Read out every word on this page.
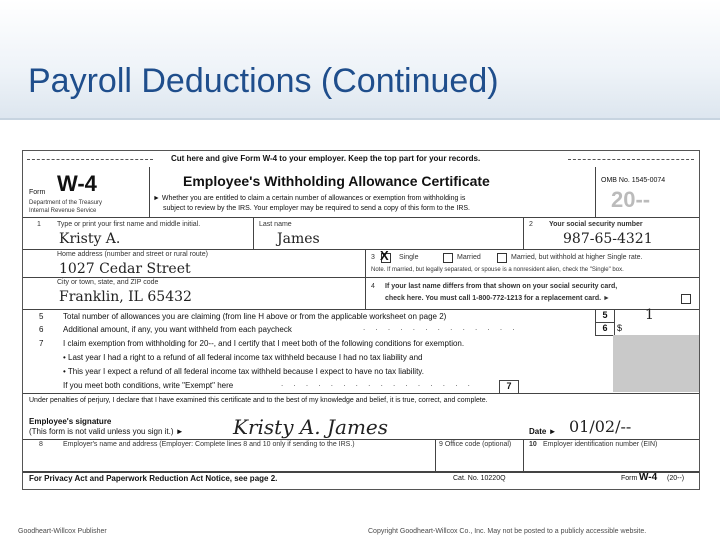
Payroll Deductions (Continued)
Cut here and give Form W-4 to your employer. Keep the top part for your records.
Form W-4
Department of the Treasury
Internal Revenue Service
Employee's Withholding Allowance Certificate
► Whether you are entitled to claim a certain number of allowances or exemption from withholding is
subject to review by the IRS. Your employer may be required to send a copy of this form to the IRS.
OMB No. 1545-0074
20--
1 Type or print your first name and middle initial.
Kristy A.
Last name
James
2 Your social security number
987-65-4321
Home address (number and street or rural route)
1027 Cedar Street
3 X Single	Married	Married, but withhold at higher Single rate.
Note. If married, but legally separated, or spouse is a nonresident alien, check the "Single" box.
City or town, state, and ZIP code
Franklin, IL 65432
4 If your last name differs from that shown on your social security card,
check here. You must call 1-800-772-1213 for a replacement card. ►
5 Total number of allowances you are claiming (from line H above or from the applicable worksheet on page 2)	5	1
6 Additional amount, if any, you want withheld from each paycheck	. . . . . . . . . . . . .	6	$
7 I claim exemption from withholding for 20--, and I certify that I meet both of the following conditions for exemption.
• Last year I had a right to a refund of all federal income tax withheld because I had no tax liability and
• This year I expect a refund of all federal income tax withheld because I expect to have no tax liability.
If you meet both conditions, write "Exempt" here	. . . . . . . . . . . . . . . .	7
Under penalties of perjury, I declare that I have examined this certificate and to the best of my knowledge and belief, it is true, correct, and complete.
Employee's signature
(This form is not valid unless you sign it.) ► Kristy A. James	Date ► 01/02/--
8	Employer's name and address (Employer: Complete lines 8 and 10 only if sending to the IRS.)	9 Office code (optional)	10 Employer identification number (EIN)
For Privacy Act and Paperwork Reduction Act Notice, see page 2.	Cat. No. 10220Q	Form W-4 (20--)
Goodheart-Willcox Publisher	Copyright Goodheart-Willcox Co., Inc. May not be posted to a publicly accessible website.
